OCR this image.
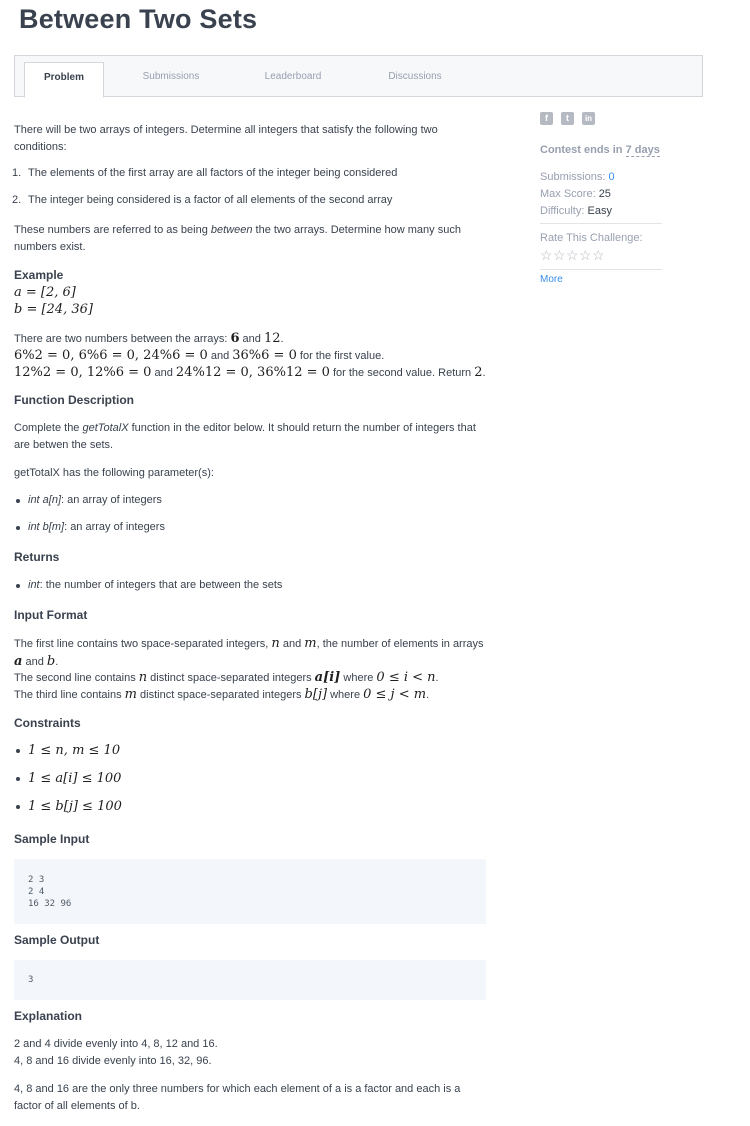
Between Two Sets
Problem	Submissions	Leaderboard	Discussions

There will be two arrays of integers. Determine all integers that satisfy the following two conditions:

1. The elements of the first array are all factors of the integer being considered
2. The integer being considered is a factor of all elements of the second array

These numbers are referred to as being between the two arrays. Determine how many such numbers exist.

Example
a = [2, 6]
b = [24, 36]

There are two numbers between the arrays: 6 and 12.

6%2 = 0, 6%6 = 0, 24%6 = 0 and 36%6 = 0 for the first value.

12%2 = 0, 12%6 = 0 and 24%12 = 0, 36%12 = 0 for the second value. Return 2.

Function Description

Complete the getTotalX function in the editor below. It should return the number of integers that are betwen the sets.

getTotalX has the following parameter(s):

int a[n]: an array of integers
int b[m]: an array of integers
Returns
int: the number of integers that are between the sets
Input Format

The first line contains two space-separated integers, n and m, the number of elements in arrays a and b.

The second line contains n distinct space-separated integers a[i] where 0 ≤ i < n.

The third line contains m distinct space-separated integers b[j] where 0 ≤ j < m.

Constraints
1 ≤ n, m ≤ 10
1 ≤ a[i] ≤ 100
1 ≤ b[j] ≤ 100
Sample Input
2 3
2 4
16 32 96
Sample Output
3
Explanation

2 and 4 divide evenly into 4, 8, 12 and 16.

4, 8 and 16 divide evenly into 16, 32, 96.

4, 8 and 16 are the only three numbers for which each element of a is a factor and each is a factor of all elements of b.

f	t	in
Contest ends in 7 days
Submissions: 0
Max Score: 25
Difficulty: Easy
Rate This Challenge:
☆☆☆☆☆
More
